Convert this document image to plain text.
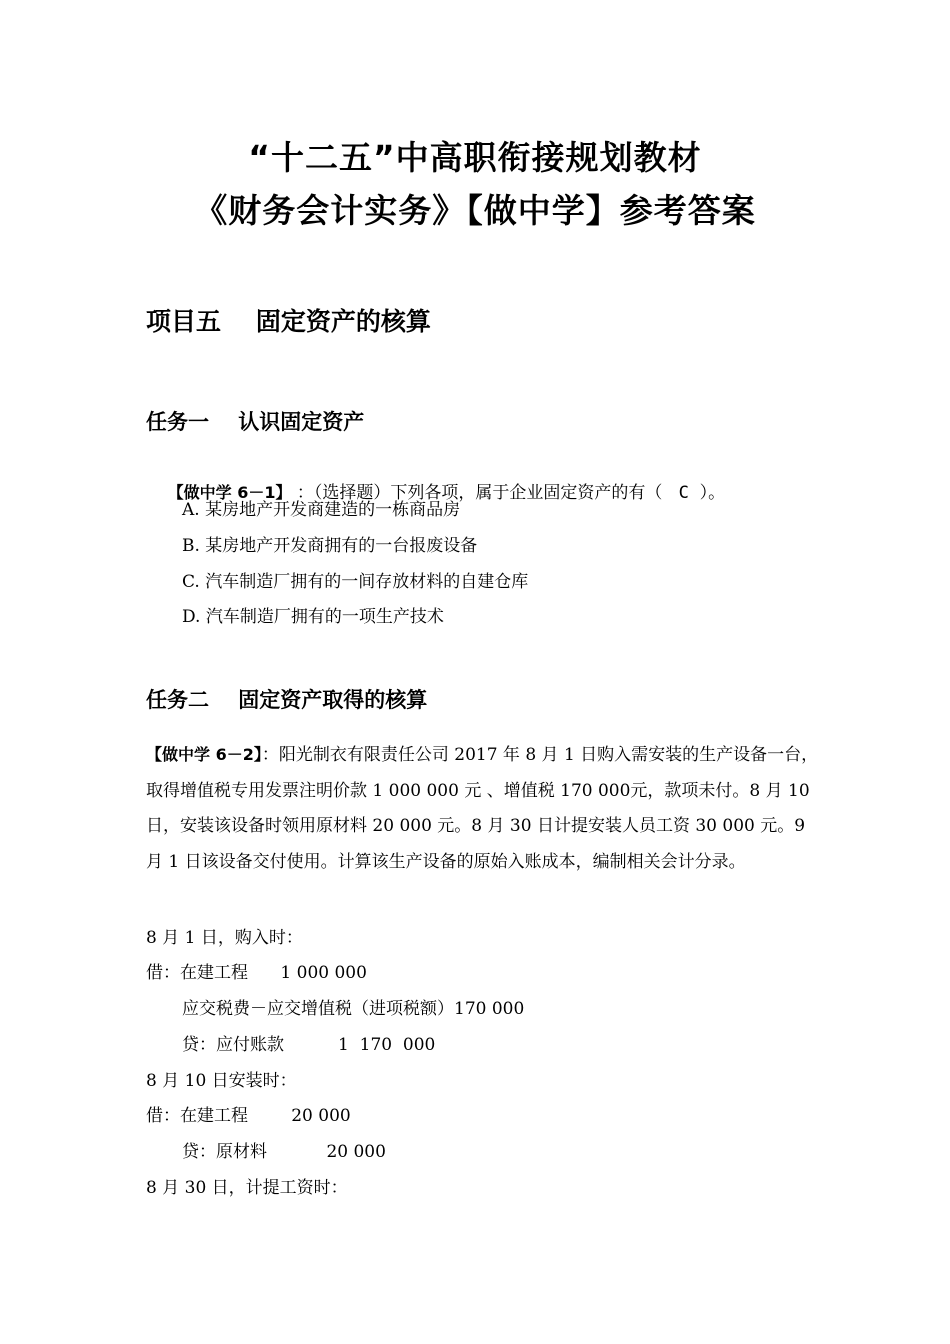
“十二五”中高职衔接规划教材
《财务会计实务》【做中学】参考答案
项目五    固定资产的核算
任务一    认识固定资产

【做中学 6－1】 ：（选择题）下列各项，属于企业固定资产的有（   C  ）。

A. 某房地产开发商建造的一栋商品房
B. 某房地产开发商拥有的一台报废设备
C. 汽车制造厂拥有的一间存放材料的自建仓库
D. 汽车制造厂拥有的一项生产技术
任务二    固定资产取得的核算
【做中学 6－2】：阳光制衣有限责任公司 2017 年 8 月 1 日购入需安装的生产设备一台，取得增值税专用发票注明价款 1 000 000 元 、增值税 170 000元，款项未付。8 月 10 日，安装该设备时领用原材料 20 000 元。8 月 30 日计提安装人员工资 30 000 元。9 月 1 日该设备交付使用。计算该生产设备的原始入账成本，编制相关会计分录。
8 月 1 日，购入时：
借：在建工程      1 000 000
应交税费－应交增值税（进项税额）170 000
贷：应付账款          1  170  000
8 月 10 日安装时：
借：在建工程        20 000
贷：原材料           20 000
8 月 30 日，计提工资时：
